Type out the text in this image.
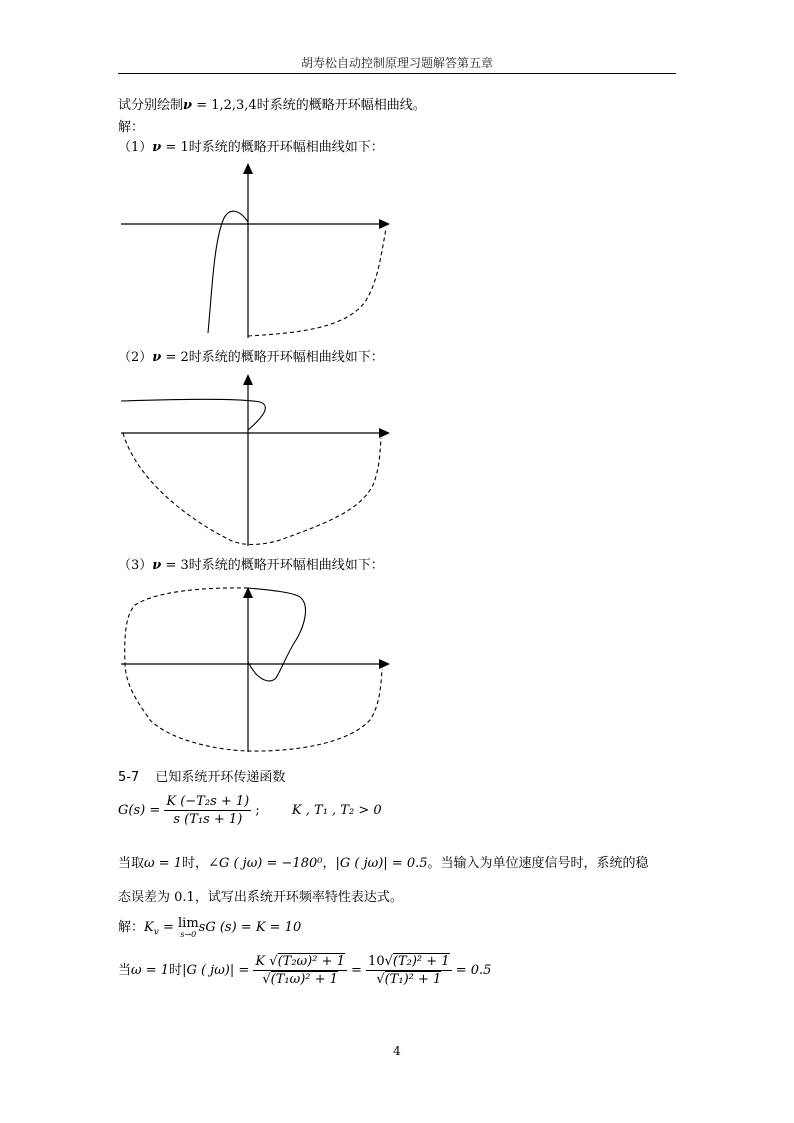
胡寿松自动控制原理习题解答第五章
试分别绘制ν = 1,2,3,4时系统的概略开环幅相曲线。
解：
（1）ν = 1时系统的概略开环幅相曲线如下：
（2）ν = 2时系统的概略开环幅相曲线如下：
（3）ν = 3时系统的概略开环幅相曲线如下：
5-7 已知系统开环传递函数
$G(s) = \frac{\text{K (−T₂s + 1)}}{\text{s (T₁s + 1)}}$ ; K , T₁ , T₂ > 0
当取ω = 1时，∠G ( jω) = −180⁰，|G ( jω)| = 0.5。当输入为单位速度信号时，系统的稳
态误差为 0.1，试写出系统开环频率特性表达式。
解：$K_v = \lim$
s→0 sG (s) = K = 10
当ω = 1时|G ( $j\omega)| = \frac{\text{K √(T₂ω)² + 1}}{\text{√(T₁ω)² + 1}} = \frac{\text{10√(T₂)² + 1}}{\text{√(T₁)² + 1}} = 0.5$
4
